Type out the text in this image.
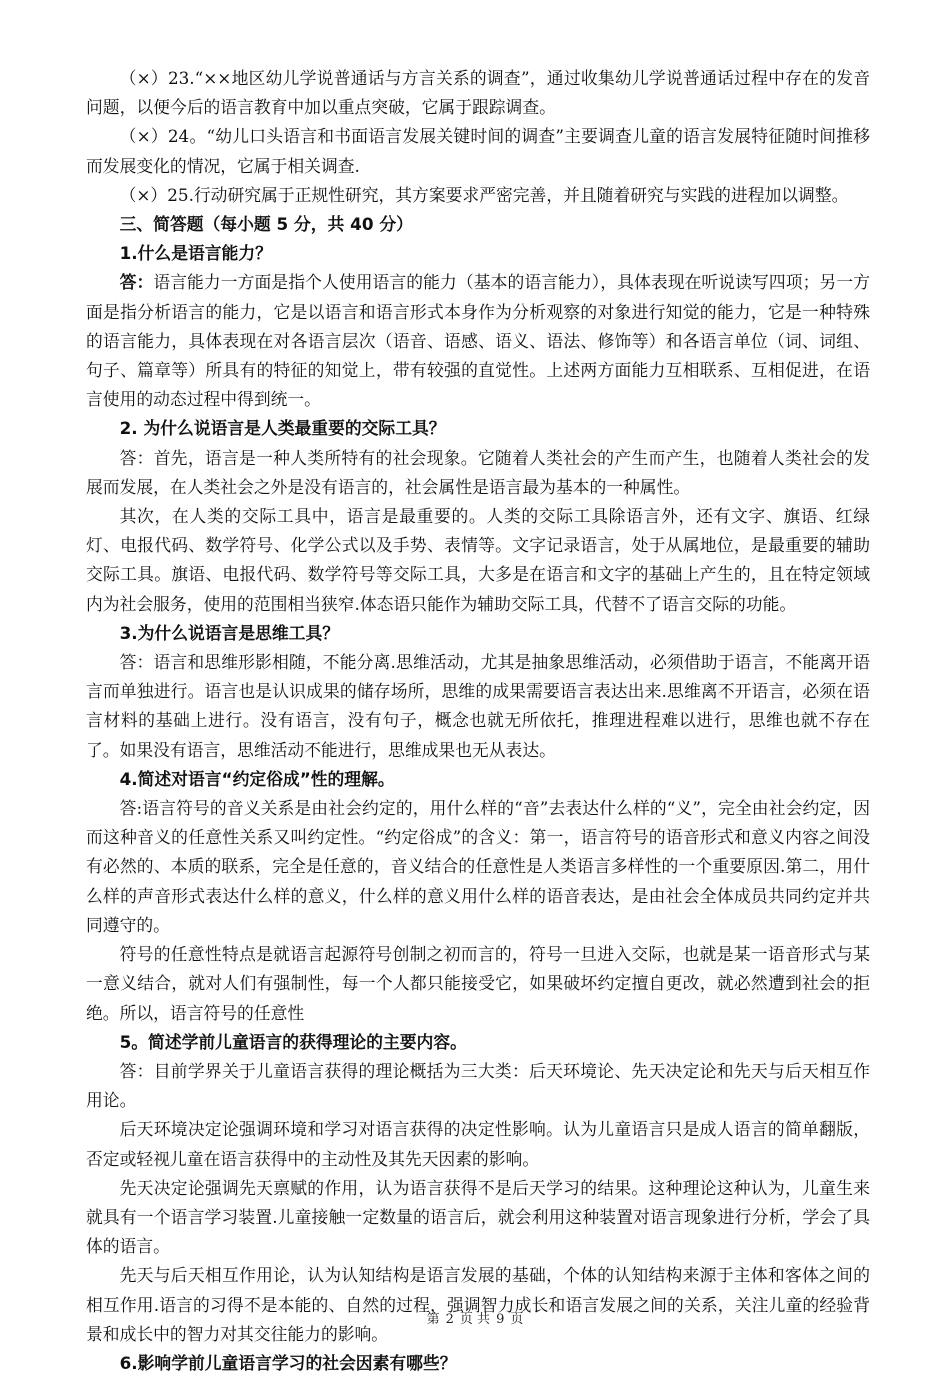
（×）23.“××地区幼儿学说普通话与方言关系的调查”，通过收集幼儿学说普通话过程中存在的发音问题，以便今后的语言教育中加以重点突破，它属于跟踪调查。

（×）24。“幼儿口头语言和书面语言发展关键时间的调查”主要调查儿童的语言发展特征随时间推移而发展变化的情况，它属于相关调查.

（×）25.行动研究属于正规性研究，其方案要求严密完善，并且随着研究与实践的进程加以调整。

三、简答题（每小题 5 分，共 40 分）

1.什么是语言能力？

答：语言能力一方面是指个人使用语言的能力（基本的语言能力），具体表现在听说读写四项；另一方面是指分析语言的能力，它是以语言和语言形式本身作为分析观察的对象进行知觉的能力，它是一种特殊的语言能力，具体表现在对各语言层次（语音、语感、语义、语法、修饰等）和各语言单位（词、词组、句子、篇章等）所具有的特征的知觉上，带有较强的直觉性。上述两方面能力互相联系、互相促进，在语言使用的动态过程中得到统一。

2. 为什么说语言是人类最重要的交际工具？

答：首先，语言是一种人类所特有的社会现象。它随着人类社会的产生而产生，也随着人类社会的发展而发展，在人类社会之外是没有语言的，社会属性是语言最为基本的一种属性。

其次，在人类的交际工具中，语言是最重要的。人类的交际工具除语言外，还有文字、旗语、红绿灯、电报代码、数学符号、化学公式以及手势、表情等。文字记录语言，处于从属地位，是最重要的辅助交际工具。旗语、电报代码、数学符号等交际工具，大多是在语言和文字的基础上产生的，且在特定领域内为社会服务，使用的范围相当狭窄.体态语只能作为辅助交际工具，代替不了语言交际的功能。

3.为什么说语言是思维工具？

答：语言和思维形影相随，不能分离.思维活动，尤其是抽象思维活动，必须借助于语言，不能离开语言而单独进行。语言也是认识成果的储存场所，思维的成果需要语言表达出来.思维离不开语言，必须在语言材料的基础上进行。没有语言，没有句子，概念也就无所依托，推理进程难以进行，思维也就不存在了。如果没有语言，思维活动不能进行，思维成果也无从表达。

4.简述对语言“约定俗成”性的理解。

答:语言符号的音义关系是由社会约定的，用什么样的“音”去表达什么样的“义”，完全由社会约定，因而这种音义的任意性关系又叫约定性。“约定俗成”的含义：第一，语言符号的语音形式和意义内容之间没有必然的、本质的联系，完全是任意的，音义结合的任意性是人类语言多样性的一个重要原因.第二，用什么样的声音形式表达什么样的意义，什么样的意义用什么样的语音表达，是由社会全体成员共同约定并共同遵守的。

符号的任意性特点是就语言起源符号创制之初而言的，符号一旦进入交际，也就是某一语音形式与某一意义结合，就对人们有强制性，每一个人都只能接受它，如果破坏约定擅自更改，就必然遭到社会的拒绝。所以，语言符号的任意性

5。简述学前儿童语言的获得理论的主要内容。

答：目前学界关于儿童语言获得的理论概括为三大类：后天环境论、先天决定论和先天与后天相互作用论。

后天环境决定论强调环境和学习对语言获得的决定性影响。认为儿童语言只是成人语言的简单翻版，否定或轻视儿童在语言获得中的主动性及其先天因素的影响。

先天决定论强调先天禀赋的作用，认为语言获得不是后天学习的结果。这种理论这种认为，儿童生来就具有一个语言学习装置.儿童接触一定数量的语言后，就会利用这种装置对语言现象进行分析，学会了具体的语言。

先天与后天相互作用论，认为认知结构是语言发展的基础，个体的认知结构来源于主体和客体之间的相互作用.语言的习得不是本能的、自然的过程，强调智力成长和语言发展之间的关系，关注儿童的经验背景和成长中的智力对其交往能力的影响。

6.影响学前儿童语言学习的社会因素有哪些？

第 2 页 共 9 页
